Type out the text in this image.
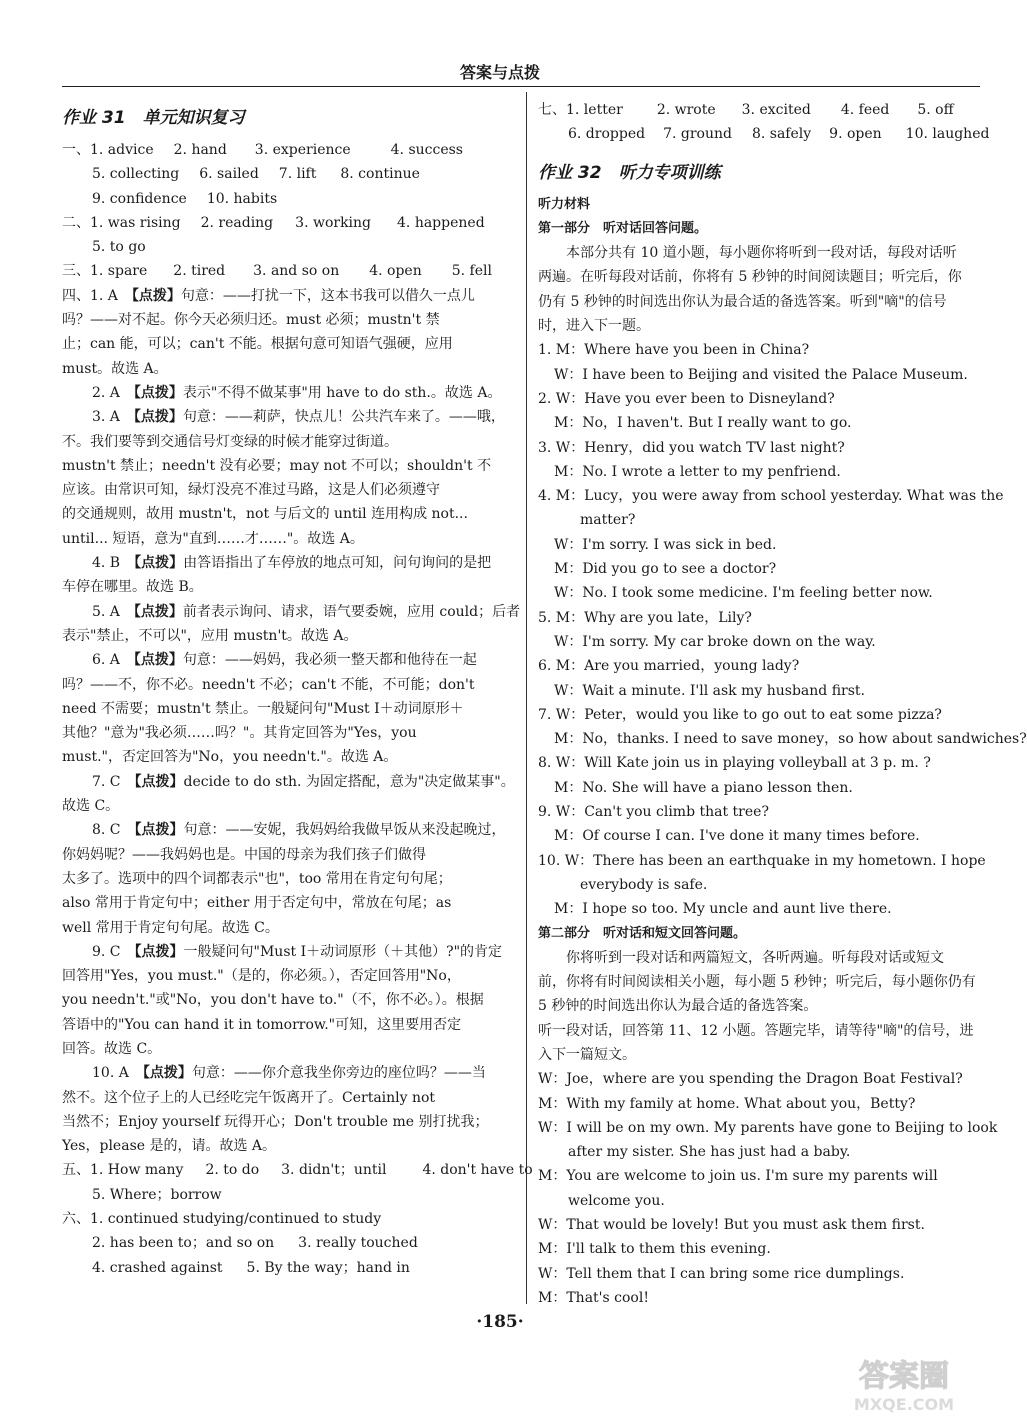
答案与点拨
作业 31　单元知识复习
一、1. advice 2. hand 3. experience	4. success
5. collecting 6. sailed 7. lift 8. continue
9. confidence 10. habits
二、1. was rising 2. reading 3. working 4. happened
5. to go
三、1. spare 2. tired 3. and so on 4. open 5. fell
四、1. A　【点拨】句意：——打扰一下，这本书我可以借久一点儿
吗？——对不起。你今天必须归还。must 必须；mustn't 禁
止；can 能，可以；can't 不能。根据句意可知语气强硬，应用
must。故选 A。
2. A　【点拨】表示"不得不做某事"用 have to do sth.。故选 A。
3. A　【点拨】句意：——莉萨，快点儿！公共汽车来了。——哦，
不。我们要等到交通信号灯变绿的时候才能穿过街道。
mustn't 禁止；needn't 没有必要；may not 不可以；shouldn't 不
应该。由常识可知，绿灯没亮不准过马路，这是人们必须遵守
的交通规则，故用 mustn't，not 与后文的 until 连用构成 not...
until... 短语，意为"直到……才……"。故选 A。
4. B　【点拨】由答语指出了车停放的地点可知，问句询问的是把
车停在哪里。故选 B。
5. A　【点拨】前者表示询问、请求，语气要委婉，应用 could；后者
表示"禁止，不可以"，应用 mustn't。故选 A。
6. A　【点拨】句意：——妈妈，我必须一整天都和他待在一起
吗？——不，你不必。needn't 不必；can't 不能，不可能；don't
need 不需要；mustn't 禁止。一般疑问句"Must I＋动词原形＋
其他？"意为"我必须……吗？"。其肯定回答为"Yes，you
must."，否定回答为"No，you needn't."。故选 A。
7. C　【点拨】decide to do sth. 为固定搭配，意为"决定做某事"。
故选 C。
8. C　【点拨】句意：——安妮，我妈妈给我做早饭从来没起晚过，
你妈妈呢？——我妈妈也是。中国的母亲为我们孩子们做得
太多了。选项中的四个词都表示"也"，too 常用在肯定句句尾；
also 常用于肯定句中；either 用于否定句中，常放在句尾；as
well 常用于肯定句句尾。故选 C。
9. C　【点拨】一般疑问句"Must I＋动词原形（＋其他）?"的肯定
回答用"Yes，you must."（是的，你必须。），否定回答用"No，
you needn't."或"No，you don't have to."（不，你不必。）。根据
答语中的"You can hand it in tomorrow."可知，这里要用否定
回答。故选 C。
10. A　【点拨】句意：——你介意我坐你旁边的座位吗？——当
然不。这个位子上的人已经吃完午饭离开了。Certainly not
当然不；Enjoy yourself 玩得开心；Don't trouble me 别打扰我；
Yes，please 是的，请。故选 A。
五、1. How many 2. to do 3. didn't；until	4. don't have to
5. Where；borrow
六、1. continued studying/continued to study
2. has been to；and so on 3. really touched
4. crashed against 5. By the way；hand in
七、1. letter 2. wrote 3. excited 4. feed 5. off
6. dropped 7. ground 8. safely 9. open 10. laughed
作业 32　听力专项训练
听力材料
第一部分　听对话回答问题。
本部分共有 10 道小题，每小题你将听到一段对话，每段对话听
两遍。在听每段对话前，你将有 5 秒钟的时间阅读题目；听完后，你
仍有 5 秒钟的时间选出你认为最合适的备选答案。听到"嘀"的信号
时，进入下一题。
1. M：Where have you been in China?
W：I have been to Beijing and visited the Palace Museum.
2. W：Have you ever been to Disneyland?
M：No，I haven't. But I really want to go.
3. W：Henry，did you watch TV last night?
M：No. I wrote a letter to my penfriend.
4. M：Lucy，you were away from school yesterday. What was the
matter?
W：I'm sorry. I was sick in bed.
M：Did you go to see a doctor?
W：No. I took some medicine. I'm feeling better now.
5. M：Why are you late，Lily?
W：I'm sorry. My car broke down on the way.
6. M：Are you married，young lady?
W：Wait a minute. I'll ask my husband first.
7. W：Peter，would you like to go out to eat some pizza?
M：No，thanks. I need to save money，so how about sandwiches?
8. W：Will Kate join us in playing volleyball at 3 p. m. ?
M：No. She will have a piano lesson then.
9. W：Can't you climb that tree?
M：Of course I can. I've done it many times before.
10. W：There has been an earthquake in my hometown. I hope
everybody is safe.
M：I hope so too. My uncle and aunt live there.
第二部分　听对话和短文回答问题。
你将听到一段对话和两篇短文，各听两遍。听每段对话或短文
前，你将有时间阅读相关小题，每小题 5 秒钟；听完后，每小题你仍有
5 秒钟的时间选出你认为最合适的备选答案。
听一段对话，回答第 11、12 小题。答题完毕，请等待"嘀"的信号，进
入下一篇短文。
W：Joe，where are you spending the Dragon Boat Festival?
M：With my family at home. What about you，Betty?
W：I will be on my own. My parents have gone to Beijing to look
after my sister. She has just had a baby.
M：You are welcome to join us. I'm sure my parents will
welcome you.
W：That would be lovely! But you must ask them first.
M：I'll talk to them this evening.
W：Tell them that I can bring some rice dumplings.
M：That's cool!
·185·
答案圈
MXQE.COM
